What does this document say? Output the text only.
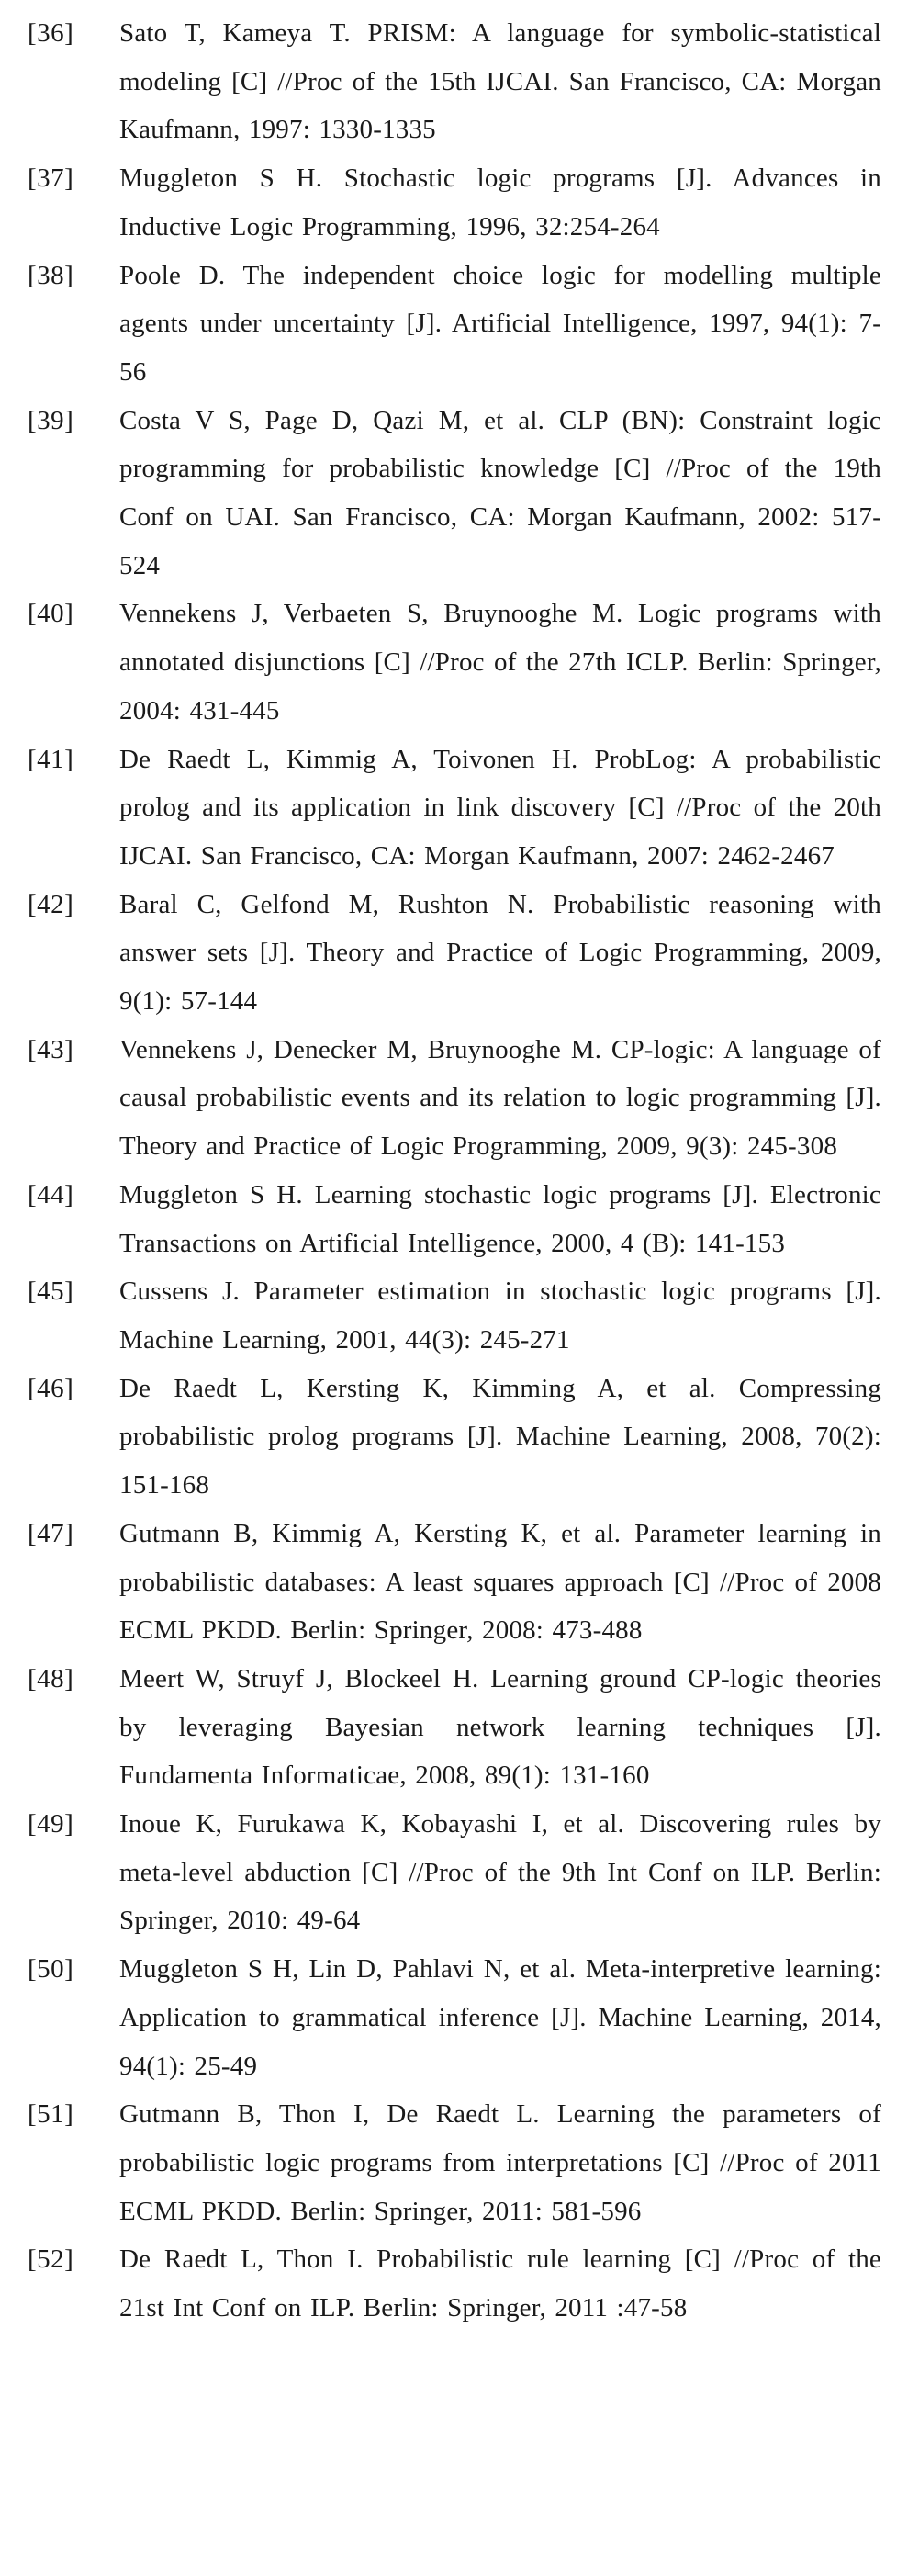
[36]	Sato T, Kameya T. PRISM: A language for symbolic-statistical modeling [C] //Proc of the 15th IJCAI. San Francisco, CA: Morgan Kaufmann, 1997: 1330-1335
[37]	Muggleton S H. Stochastic logic programs [J]. Advances in Inductive Logic Programming, 1996, 32:254-264
[38]	Poole D. The independent choice logic for modelling multiple agents under uncertainty [J]. Artificial Intelligence, 1997, 94(1): 7-56
[39]	Costa V S, Page D, Qazi M, et al. CLP (BN): Constraint logic programming for probabilistic knowledge [C] //Proc of the 19th Conf on UAI. San Francisco, CA: Morgan Kaufmann, 2002: 517-524
[40]	Vennekens J, Verbaeten S, Bruynooghe M. Logic programs with annotated disjunctions [C] //Proc of the 27th ICLP. Berlin: Springer, 2004: 431-445
[41]	De Raedt L, Kimmig A, Toivonen H. ProbLog: A probabilistic prolog and its application in link discovery [C] //Proc of the 20th IJCAI. San Francisco, CA: Morgan Kaufmann, 2007: 2462-2467
[42]	Baral C, Gelfond M, Rushton N. Probabilistic reasoning with answer sets [J]. Theory and Practice of Logic Programming, 2009, 9(1): 57-144
[43]	Vennekens J, Denecker M, Bruynooghe M. CP-logic: A language of causal probabilistic events and its relation to logic programming [J]. Theory and Practice of Logic Programming, 2009, 9(3): 245-308
[44]	Muggleton S H. Learning stochastic logic programs [J]. Electronic Transactions on Artificial Intelligence, 2000, 4 (B): 141-153
[45]	Cussens J. Parameter estimation in stochastic logic programs [J]. Machine Learning, 2001, 44(3): 245-271
[46]	De Raedt L, Kersting K, Kimming A, et al. Compressing probabilistic prolog programs [J]. Machine Learning, 2008, 70(2): 151-168
[47]	Gutmann B, Kimmig A, Kersting K, et al. Parameter learning in probabilistic databases: A least squares approach [C] //Proc of 2008 ECML PKDD. Berlin: Springer, 2008: 473-488
[48]	Meert W, Struyf J, Blockeel H. Learning ground CP-logic theories by leveraging Bayesian network learning techniques [J]. Fundamenta Informaticae, 2008, 89(1): 131-160
[49]	Inoue K, Furukawa K, Kobayashi I, et al. Discovering rules by meta-level abduction [C] //Proc of the 9th Int Conf on ILP. Berlin: Springer, 2010: 49-64
[50]	Muggleton S H, Lin D, Pahlavi N, et al. Meta-interpretive learning: Application to grammatical inference [J]. Machine Learning, 2014, 94(1): 25-49
[51]	Gutmann B, Thon I, De Raedt L. Learning the parameters of probabilistic logic programs from interpretations [C] //Proc of 2011 ECML PKDD. Berlin: Springer, 2011: 581-596
[52]	De Raedt L, Thon I. Probabilistic rule learning [C] //Proc of the 21st Int Conf on ILP. Berlin: Springer, 2011 :47-58
